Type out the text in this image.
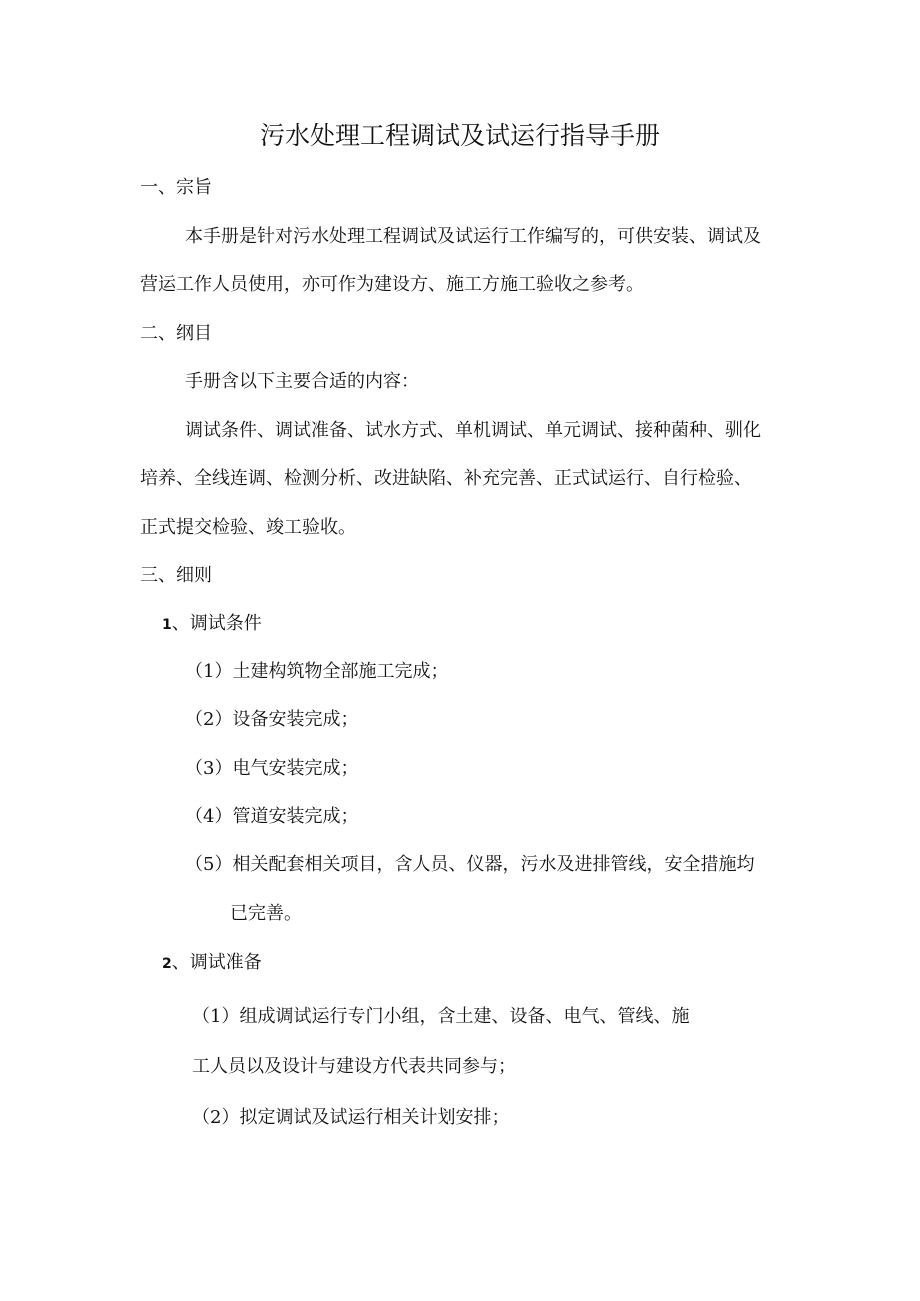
污水处理工程调试及试运行指导手册
一、宗旨
本手册是针对污水处理工程调试及试运行工作编写的，可供安装、调试及
营运工作人员使用，亦可作为建设方、施工方施工验收之参考。
二、纲目
手册含以下主要合适的内容：
调试条件、调试准备、试水方式、单机调试、单元调试、接种菌种、驯化
培养、全线连调、检测分析、改进缺陷、补充完善、正式试运行、自行检验、
正式提交检验、竣工验收。
三、细则
1、调试条件
（1）土建构筑物全部施工完成；
（2）设备安装完成；
（3）电气安装完成；
（4）管道安装完成；
（5）相关配套相关项目，含人员、仪器，污水及进排管线，安全措施均
已完善。
2、调试准备
（1）组成调试运行专门小组，含土建、设备、电气、管线、施
工人员以及设计与建设方代表共同参与；
（2）拟定调试及试运行相关计划安排；
